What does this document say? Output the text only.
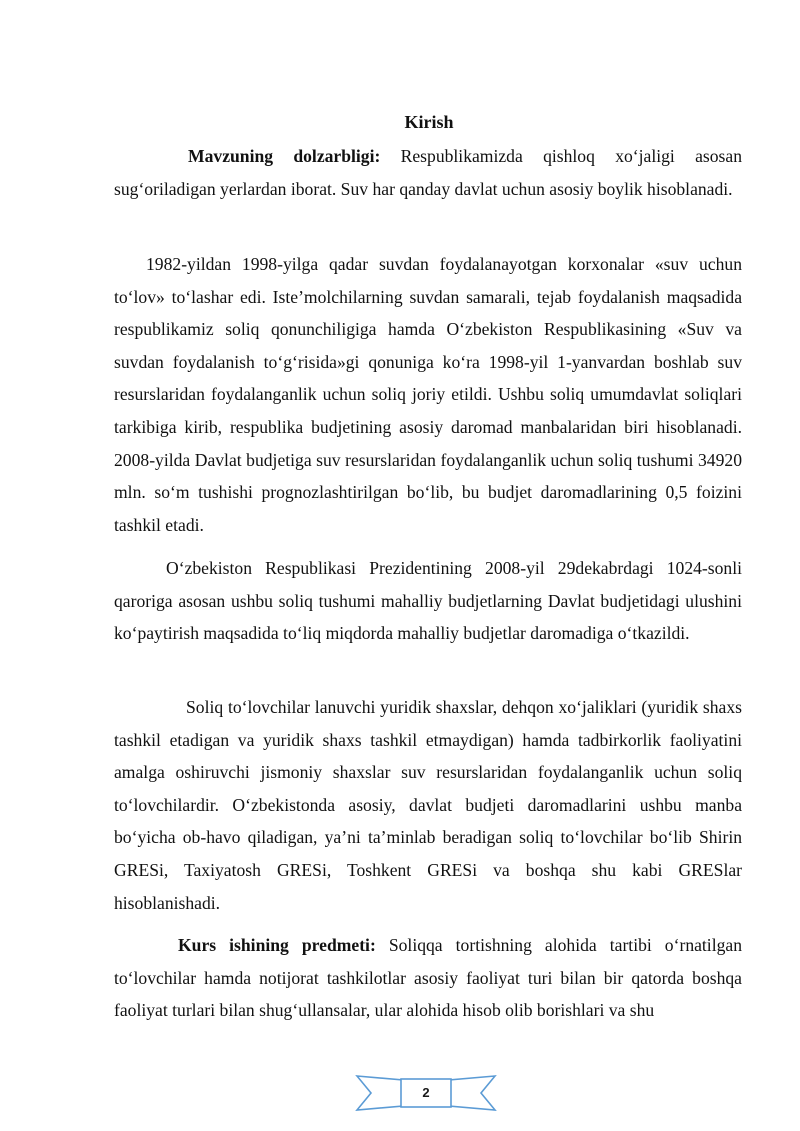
Kirish

Mavzuning dolzarbligi: Respublikamizda qishloq xo‘jaligi asosan sug‘oriladigan yerlardan iborat. Suv har qanday davlat uchun asosiy boylik hisoblanadi.

1982-yildan 1998-yilga qadar suvdan foydalanayotgan korxonalar «suv uchun to‘lov» to‘lashar edi. Iste’molchilarning suvdan samarali, tejab foydalanish maqsadida respublikamiz soliq qonunchiligiga hamda O‘zbekiston Respublikasining «Suv va suvdan foydalanish to‘g‘risida»gi qonuniga ko‘ra 1998-yil 1-yanvardan boshlab suv resurslaridan foydalanganlik uchun soliq joriy etildi. Ushbu soliq umumdavlat soliqlari tarkibiga kirib, respublika budjetining asosiy daromad manbalaridan biri hisoblanadi. 2008-yilda Davlat budjetiga suv resurslaridan foydalanganlik uchun soliq tushumi 34920 mln. so‘m tushishi prognozlashtirilgan bo‘lib, bu budjet daromadlarining 0,5 foizini tashkil etadi.

O‘zbekiston Respublikasi Prezidentining 2008-yil 29dekabrdagi 1024-sonli qaroriga asosan ushbu soliq tushumi mahalliy budjetlarning Davlat budjetidagi ulushini ko‘paytirish maqsadida to‘liq miqdorda mahalliy budjetlar daromadiga o‘tkazildi.

Soliq to‘lovchilar lanuvchi yuridik shaxslar, dehqon xo‘jaliklari (yuridik shaxs tashkil etadigan va yuridik shaxs tashkil etmaydigan) hamda tadbirkorlik faoliyatini amalga oshiruvchi jismoniy shaxslar suv resurslaridan foydalanganlik uchun soliq to‘lovchilardir. O‘zbekistonda asosiy, davlat budjeti daromadlarini ushbu manba bo‘yicha ob-havo qiladigan, ya’ni ta’minlab beradigan soliq to‘lovchilar bo‘lib Shirin GRESi, Taxiyatosh GRESi, Toshkent GRESi va boshqa shu kabi GRESlar hisoblanishadi.

Kurs ishining predmeti: Soliqqa tortishning alohida tartibi o‘rnatilgan to‘lovchilar hamda notijorat tashkilotlar asosiy faoliyat turi bilan bir qatorda boshqa faoliyat turlari bilan shug‘ullansalar, ular alohida hisob olib borishlari va shu

2
